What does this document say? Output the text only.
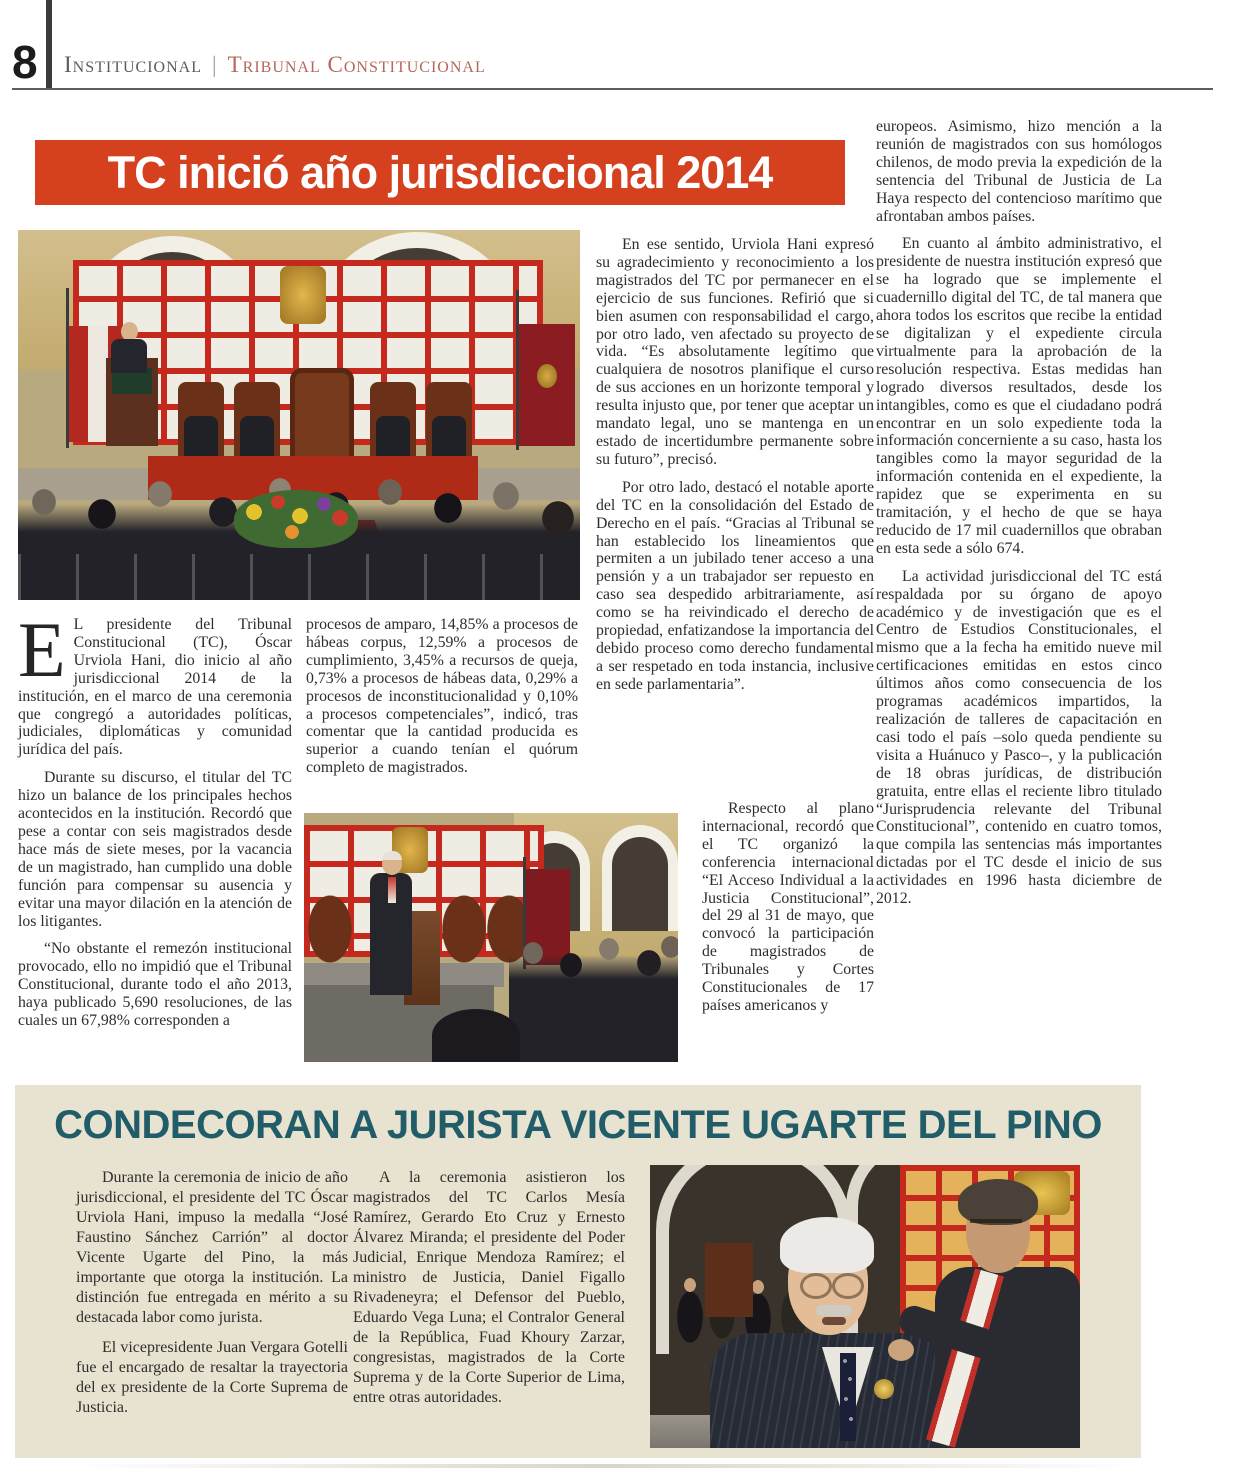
8 Institucional | Tribunal Constitucional
TC inició año jurisdiccional 2014

E L presidente del Tribunal Constitucional (TC), Óscar Urviola Hani, dio inicio al año jurisdiccional 2014 de la institución, en el marco de una ceremonia que congregó a autoridades políticas, judiciales, diplomáticas y comunidad jurídica del país.

Durante su discurso, el titular del TC hizo un balance de los principales hechos acontecidos en la institución. Recordó que pese a contar con seis magistrados desde hace más de siete meses, por la vacancia de un magistrado, han cumplido una doble función para compensar su ausencia y evitar una mayor dilación en la atención de los litigantes.

“No obstante el remezón institucional provocado, ello no impidió que el Tribunal Constitucional, durante todo el año 2013, haya publicado 5,690 resoluciones, de las cuales un 67,98% corresponden a

procesos de amparo, 14,85% a procesos de hábeas corpus, 12,59% a procesos de cumplimiento, 3,45% a recursos de queja, 0,73% a procesos de hábeas data, 0,29% a procesos de inconstitucionalidad y 0,10% a procesos competenciales”, indicó, tras comentar que la cantidad producida es superior a cuando tenían el quórum completo de magistrados.

En ese sentido, Urviola Hani expresó su agradecimiento y reconocimiento a los magistrados del TC por permanecer en el ejercicio de sus funciones. Refirió que si bien asumen con responsabilidad el cargo, por otro lado, ven afectado su proyecto de vida. “Es absolutamente legítimo que cualquiera de nosotros planifique el curso de sus acciones en un horizonte temporal y resulta injusto que, por tener que aceptar un mandato legal, uno se mantenga en un estado de incertidumbre permanente sobre su futuro”, precisó.

Por otro lado, destacó el notable aporte del TC en la consolidación del Estado de Derecho en el país. “Gracias al Tribunal se han establecido los lineamientos que permiten a un jubilado tener acceso a una pensión y a un trabajador ser repuesto en caso sea despedido arbitrariamente, así como se ha reivindicado el derecho de propiedad, enfatizandose la importancia del debido proceso como derecho fundamental a ser respetado en toda instancia, inclusive en sede parlamentaria”.

Respecto al plano internacional, recordó que el TC organizó la conferencia internacional “El Acceso Individual a la Justicia Constitucional”, del 29 al 31 de mayo, que convocó la participación de magistrados de Tribunales y Cortes Constitucionales de 17 países americanos y

europeos. Asimismo, hizo mención a la reunión de magistrados con sus homólogos chilenos, de modo previa la expedición de la sentencia del Tribunal de Justicia de La Haya respecto del contencioso marítimo que afrontaban ambos países.

En cuanto al ámbito administrativo, el presidente de nuestra institución expresó que se ha logrado que se implemente el cuadernillo digital del TC, de tal manera que ahora todos los escritos que recibe la entidad se digitalizan y el expediente circula virtualmente para la aprobación de la resolución respectiva. Estas medidas han logrado diversos resultados, desde los intangibles, como es que el ciudadano podrá encontrar en un solo expediente toda la información concerniente a su caso, hasta los tangibles como la mayor seguridad de la información contenida en el expediente, la rapidez que se experimenta en su tramitación, y el hecho de que se haya reducido de 17 mil cuadernillos que obraban en esta sede a sólo 674.

La actividad jurisdiccional del TC está respaldada por su órgano de apoyo académico y de investigación que es el Centro de Estudios Constitucionales, el mismo que a la fecha ha emitido nueve mil certificaciones emitidas en estos cinco últimos años como consecuencia de los programas académicos impartidos, la realización de talleres de capacitación en casi todo el país –solo queda pendiente su visita a Huánuco y Pasco–, y la publicación de 18 obras jurídicas, de distribución gratuita, entre ellas el reciente libro titulado “Jurisprudencia relevante del Tribunal Constitucional”, contenido en cuatro tomos, que compila las sentencias más importantes dictadas por el TC desde el inicio de sus actividades en 1996 hasta diciembre de 2012.

CONDECORAN A JURISTA VICENTE UGARTE DEL PINO

Durante la ceremonia de inicio de año jurisdiccional, el presidente del TC Óscar Urviola Hani, impuso la medalla “José Faustino Sánchez Carrión” al doctor Vicente Ugarte del Pino, la más importante que otorga la institución. La distinción fue entregada en mérito a su destacada labor como jurista.

El vicepresidente Juan Vergara Gotelli fue el encargado de resaltar la trayectoria del ex presidente de la Corte Suprema de Justicia.

A la ceremonia asistieron los magistrados del TC Carlos Mesía Ramírez, Gerardo Eto Cruz y Ernesto Álvarez Miranda; el presidente del Poder Judicial, Enrique Mendoza Ramírez; el ministro de Justicia, Daniel Figallo Rivadeneyra; el Defensor del Pueblo, Eduardo Vega Luna; el Contralor General de la República, Fuad Khoury Zarzar, congresistas, magistrados de la Corte Suprema y de la Corte Superior de Lima, entre otras autoridades.
